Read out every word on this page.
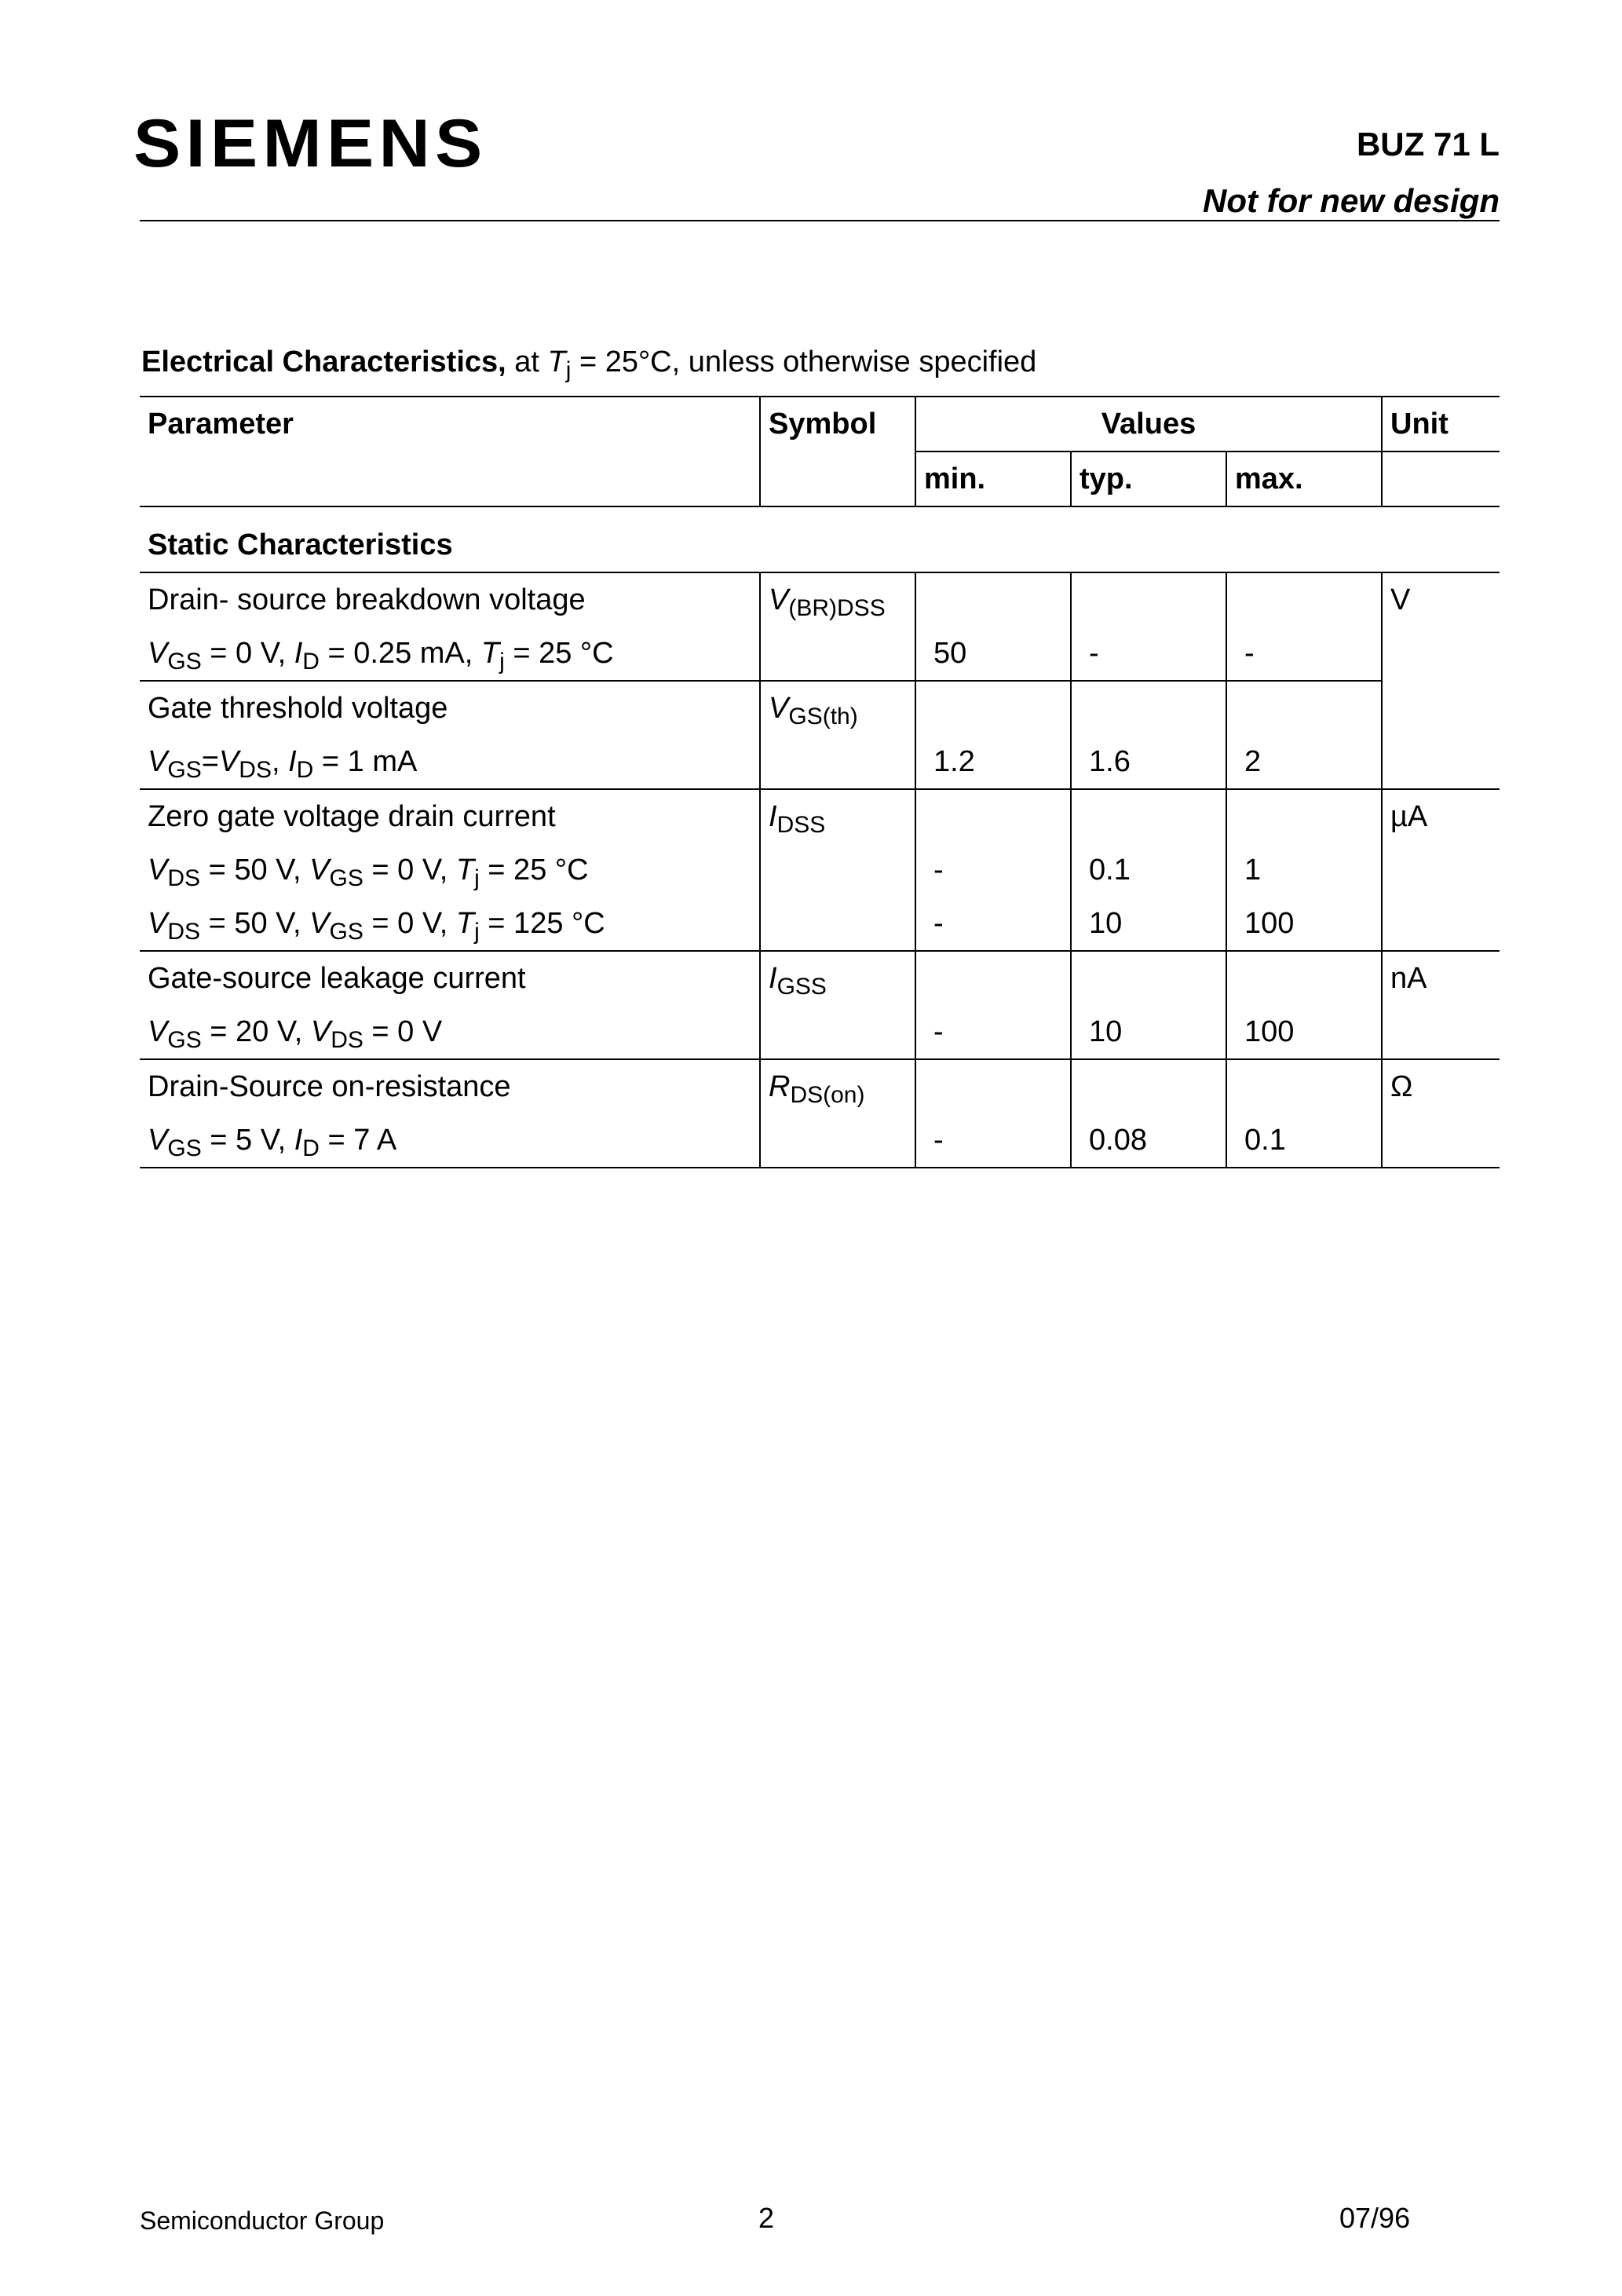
SIEMENS	BUZ 71 L
Not for new design
Electrical Characteristics, at $T_j = 25^\circ C$, unless otherwise specified
Parameter	Symbol	Values			Unit
		min.	typ.	max.	
Static Characteristics					
Drain- source breakdown voltage	$V_{(BR)DSS}$				V
$V_{GS} = 0$ V, $I_D = 0.25$ mA, $T_j = 25$ °C		50	-	-	
Gate threshold voltage	$V_{GS(th)}$			
$V_{GS}=V_{DS}$, $I_D = 1$ mA		1.2	1.6	2	
Zero gate voltage drain current	$I_{DSS}$				µA
$V_{DS} = 50$ V, $V_{GS} = 0$ V, $T_j = 25$ °C		-	0.1	1	
$V_{DS} = 50$ V, $V_{GS} = 0$ V, $T_j = 125$ °C		-	10	100	
Gate-source leakage current	$I_{GSS}$				nA
$V_{GS} = 20$ V, $V_{DS} = 0$ V		-	10	100	
Drain-Source on-resistance	$R_{DS(on)}$				Ω
$V_{GS} = 5$ V, $I_D = 7$ A		-	0.08	0.1	
Semiconductor Group	2	07/96
